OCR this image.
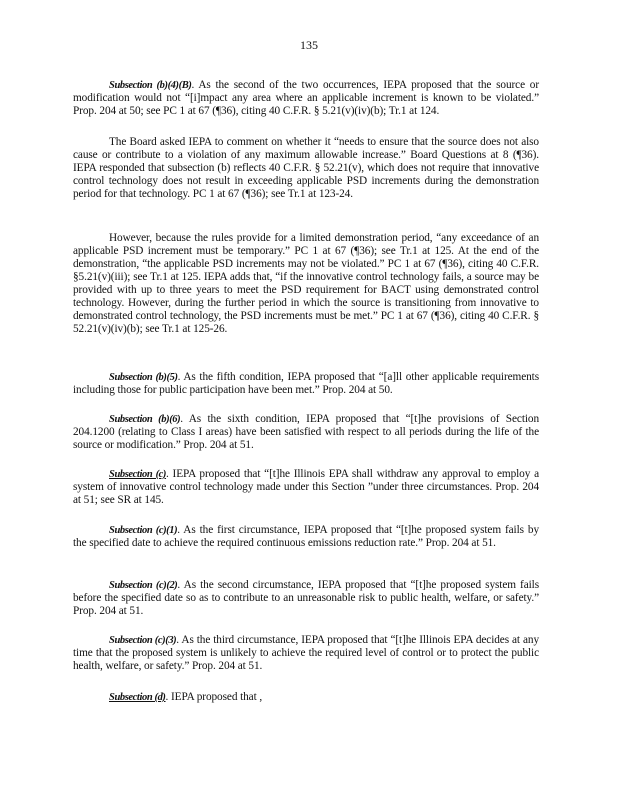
135
Subsection (b)(4)(B). As the second of the two occurrences, IEPA proposed that the source or modification would not “[i]mpact any area where an applicable increment is known to be violated.” Prop. 204 at 50; see PC 1 at 67 (¶36), citing 40 C.F.R. § 5.21(v)(iv)(b); Tr.1 at 124.
The Board asked IEPA to comment on whether it “needs to ensure that the source does not also cause or contribute to a violation of any maximum allowable increase.” Board Questions at 8 (¶36). IEPA responded that subsection (b) reflects 40 C.F.R. § 52.21(v), which does not require that innovative control technology does not result in exceeding applicable PSD increments during the demonstration period for that technology. PC 1 at 67 (¶36); see Tr.1 at 123-24.
However, because the rules provide for a limited demonstration period, “any exceedance of an applicable PSD increment must be temporary.” PC 1 at 67 (¶36); see Tr.1 at 125. At the end of the demonstration, “the applicable PSD increments may not be violated.” PC 1 at 67 (¶36), citing 40 C.F.R. §5.21(v)(iii); see Tr.1 at 125. IEPA adds that, “if the innovative control technology fails, a source may be provided with up to three years to meet the PSD requirement for BACT using demonstrated control technology. However, during the further period in which the source is transitioning from innovative to demonstrated control technology, the PSD increments must be met.” PC 1 at 67 (¶36), citing 40 C.F.R. § 52.21(v)(iv)(b); see Tr.1 at 125-26.
Subsection (b)(5). As the fifth condition, IEPA proposed that “[a]ll other applicable requirements including those for public participation have been met.” Prop. 204 at 50.
Subsection (b)(6). As the sixth condition, IEPA proposed that “[t]he provisions of Section 204.1200 (relating to Class I areas) have been satisfied with respect to all periods during the life of the source or modification.” Prop. 204 at 51.
Subsection (c). IEPA proposed that “[t]he Illinois EPA shall withdraw any approval to employ a system of innovative control technology made under this Section ”under three circumstances. Prop. 204 at 51; see SR at 145.
Subsection (c)(1). As the first circumstance, IEPA proposed that “[t]he proposed system fails by the specified date to achieve the required continuous emissions reduction rate.” Prop. 204 at 51.
Subsection (c)(2). As the second circumstance, IEPA proposed that “[t]he proposed system fails before the specified date so as to contribute to an unreasonable risk to public health, welfare, or safety.” Prop. 204 at 51.
Subsection (c)(3). As the third circumstance, IEPA proposed that “[t]he Illinois EPA decides at any time that the proposed system is unlikely to achieve the required level of control or to protect the public health, welfare, or safety.” Prop. 204 at 51.
Subsection (d). IEPA proposed that ,
